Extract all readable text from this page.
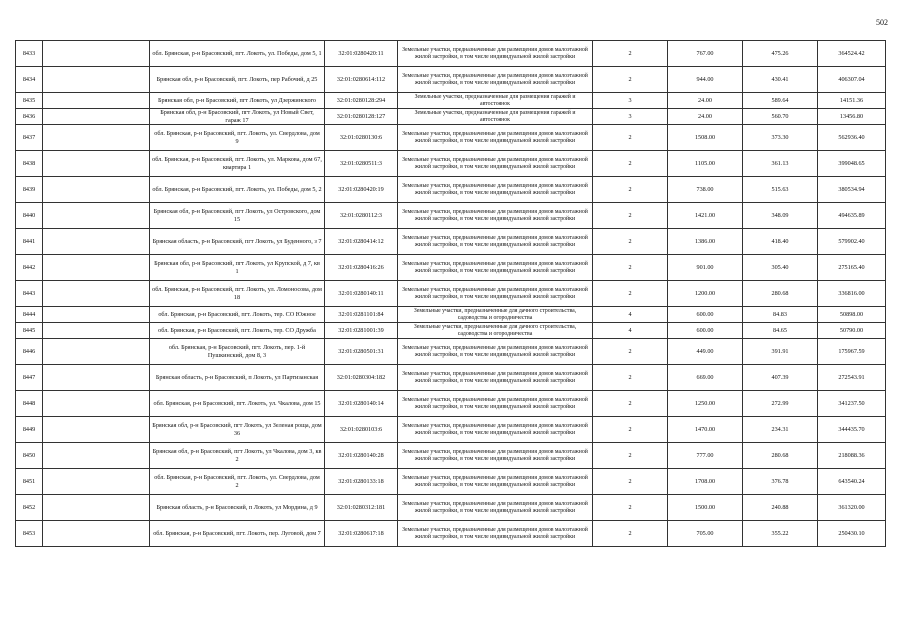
502
8433		обл. Брянская, р-н Брасовский, пгт. Локоть, ул. Победы, дом 5, 1	32:01:0280420:11	Земельные участки, предназначенные для размещения домов малоэтажной жилой застройки, в том числе индивидуальной жилой застройки	2	767.00	475.26	364524.42
8434		Брянская обл, р-н Брасовский, пгт. Локоть, пер Рабочий, д 25	32:01:0280614:112	Земельные участки, предназначенные для размещения домов малоэтажной жилой застройки, в том числе индивидуальной жилой застройки	2	944.00	430.41	406307.04
8435		Брянская обл, р-н Брасовский, пгт Локоть, ул Дзержинского	32:01:0280128:294	Земельные участки, предназначенные для размещения гаражей и автостоянок	3	24.00	589.64	14151.36
8436		Брянская обл, р-н Брасовский, пгт Локоть, ул Новый Свет, гараж 17	32:01:0280128:127	Земельные участки, предназначенные для размещения гаражей и автостоянок	3	24.00	560.70	13456.80
8437		обл. Брянская, р-н Брасовский, пгт. Локоть, ул. Свердлова, дом 9	32:01:0280130:6	Земельные участки, предназначенные для размещения домов малоэтажной жилой застройки, в том числе индивидуальной жилой застройки	2	1508.00	373.30	562936.40
8438		обл. Брянская, р-н Брасовский, пгт. Локоть, ул. Маркова, дом 67, квартира 1	32:01:0280511:3	Земельные участки, предназначенные для размещения домов малоэтажной жилой застройки, в том числе индивидуальной жилой застройки	2	1105.00	361.13	399048.65
8439		обл. Брянская, р-н Брасовский, пгт. Локоть, ул. Победы, дом 5, 2	32:01:0280420:19	Земельные участки, предназначенные для размещения домов малоэтажной жилой застройки, в том числе индивидуальной жилой застройки	2	738.00	515.63	380534.94
8440		Брянская обл, р-н Брасовский, пгт Локоть, ул Островского, дом 15	32:01:0280112:3	Земельные участки, предназначенные для размещения домов малоэтажной жилой застройки, в том числе индивидуальной жилой застройки	2	1421.00	348.09	494635.89
8441		Брянская область, р-н Брасовский, пгт Локоть, ул Буденного, з 7	32:01:0280414:12	Земельные участки, предназначенные для размещения домов малоэтажной жилой застройки, в том числе индивидуальной жилой застройки	2	1386.00	418.40	579902.40
8442		Брянская обл, р-н Брасовский, пгт Локоть, ул Крупской, д 7, кв 1	32:01:0280416:26	Земельные участки, предназначенные для размещения домов малоэтажной жилой застройки, в том числе индивидуальной жилой застройки	2	901.00	305.40	275165.40
8443		обл. Брянская, р-н Брасовский, пгт. Локоть, ул. Ломоносова, дом 18	32:01:0280140:11	Земельные участки, предназначенные для размещения домов малоэтажной жилой застройки, в том числе индивидуальной жилой застройки	2	1200.00	280.68	336816.00
8444		обл. Брянская, р-н Брасовский, пгт. Локоть, тер. СО Южное	32:01:0281101:84	Земельные участки, предназначенные для дачного строительства, садоводства и огородничества	4	600.00	84.83	50898.00
8445		обл. Брянская, р-н Брасовский, пгт. Локоть, тер. СО Дружба	32:01:0281001:39	Земельные участки, предназначенные для дачного строительства, садоводства и огородничества	4	600.00	84.65	50790.00
8446		обл. Брянская, р-н Брасовский, пгт. Локоть, пер. 1-й Пушкинский, дом 8, 3	32:01:0280501:31	Земельные участки, предназначенные для размещения домов малоэтажной жилой застройки, в том числе индивидуальной жилой застройки	2	449.00	391.91	175967.59
8447		Брянская область, р-н Брасовский, п Локоть, ул Партизанская	32:01:0280304:182	Земельные участки, предназначенные для размещения домов малоэтажной жилой застройки, в том числе индивидуальной жилой застройки	2	669.00	407.39	272543.91
8448		обл. Брянская, р-н Брасовский, пгт. Локоть, ул. Чкалова, дом 15	32:01:0280140:14	Земельные участки, предназначенные для размещения домов малоэтажной жилой застройки, в том числе индивидуальной жилой застройки	2	1250.00	272.99	341237.50
8449		Брянская обл, р-н Брасовский, пгт Локоть, ул Зеленая роща, дом 36	32:01:0280103:6	Земельные участки, предназначенные для размещения домов малоэтажной жилой застройки, в том числе индивидуальной жилой застройки	2	1470.00	234.31	344435.70
8450		Брянская обл, р-н Брасовский, пгт Локоть, ул Чкалова, дом 3, кв 2	32:01:0280140:28	Земельные участки, предназначенные для размещения домов малоэтажной жилой застройки, в том числе индивидуальной жилой застройки	2	777.00	280.68	218088.36
8451		обл. Брянская, р-н Брасовский, пгт. Локоть, ул. Свердлова, дом 2	32:01:0280133:18	Земельные участки, предназначенные для размещения домов малоэтажной жилой застройки, в том числе индивидуальной жилой застройки	2	1708.00	376.78	643540.24
8452		Брянская область, р-н Брасовский, п Локоть, ул Мордина, д 9	32:01:0280312:181	Земельные участки, предназначенные для размещения домов малоэтажной жилой застройки, в том числе индивидуальной жилой застройки	2	1500.00	240.88	361320.00
8453		обл. Брянская, р-н Брасовский, пгт. Локоть, пер. Луговой, дом 7	32:01:0280617:18	Земельные участки, предназначенные для размещения домов малоэтажной жилой застройки, в том числе индивидуальной жилой застройки	2	705.00	355.22	250430.10
